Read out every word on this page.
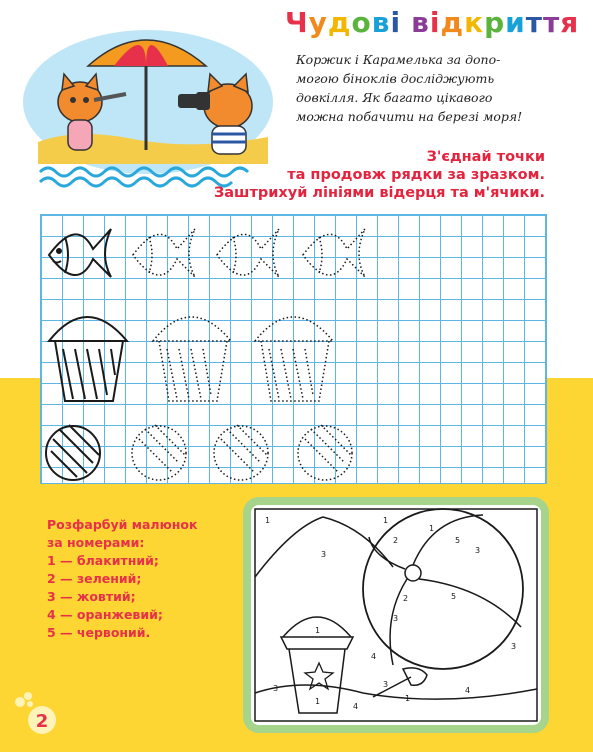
Чудові відкриття
Коржик і Карамелька за допо-
могою біноклів досліджують
довкілля. Як багато цікавого
можна побачити на березі моря!
З'єднай точки
та продовж рядки за зразком.
Заштрихуй лініями відерця та м'ячики.
Розфарбуй малюнок
за номерами:
1 — блакитний;
2 — зелений;
3 — жовтий;
4 — оранжевий;
5 — червоний.
1	1
3
1
2	5
3
5
2
3
1
4
3
3
1
4
1
3
4
2
